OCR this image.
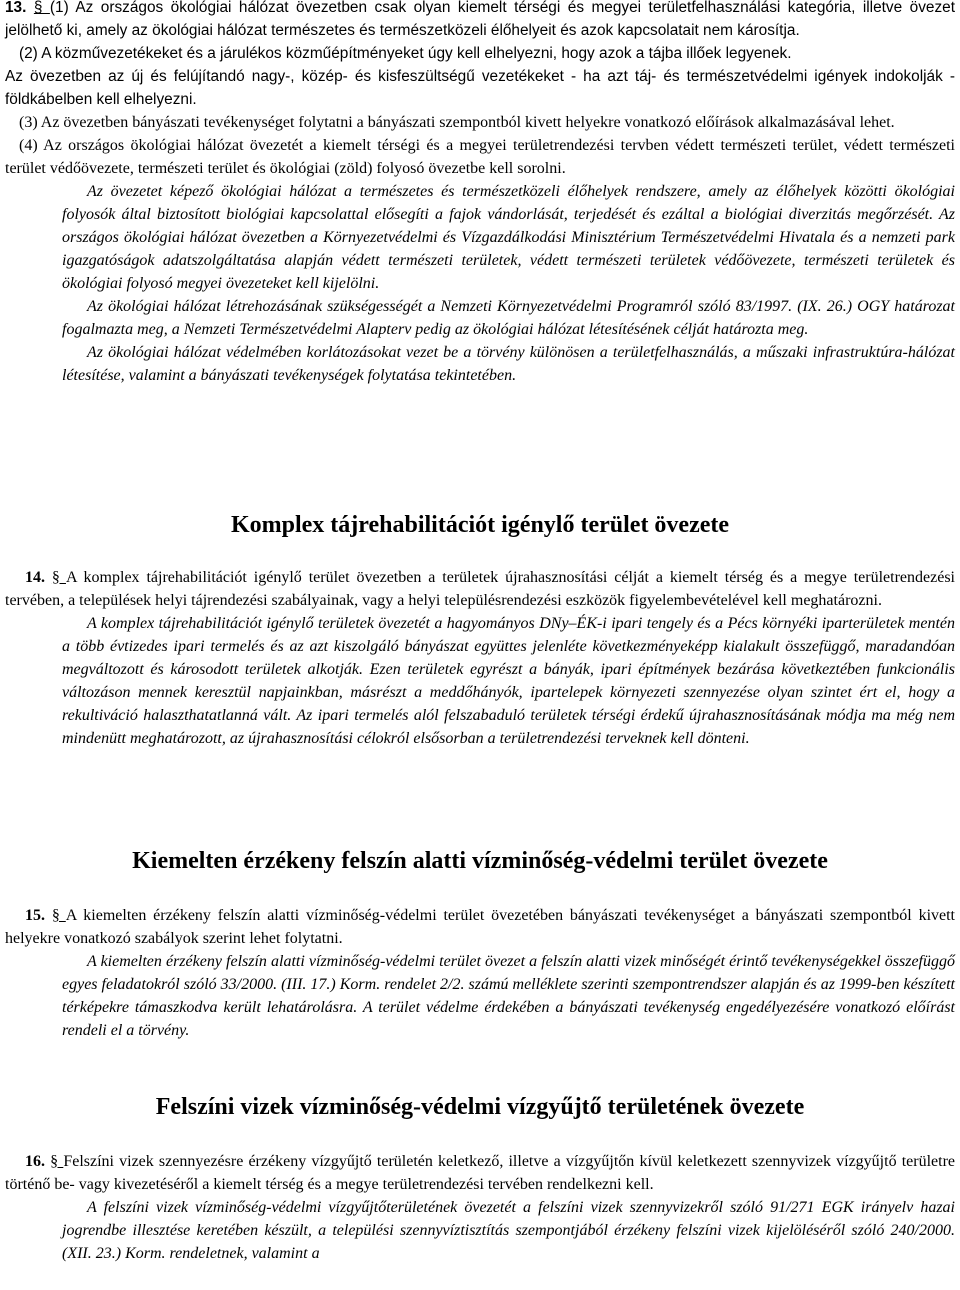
13. § (1) Az országos ökológiai hálózat övezetben csak olyan kiemelt térségi és megyei területfelhasználási kategória, illetve övezet jelölhető ki, amely az ökológiai hálózat természetes és természetközeli élőhelyeit és azok kapcsolatait nem károsítja.

(2) A közművezetékeket és a járulékos közműépítményeket úgy kell elhelyezni, hogy azok a tájba illőek legyenek.

Az övezetben az új és felújítandó nagy-, közép- és kisfeszültségű vezetékeket - ha azt táj- és természetvédelmi igények indokolják - földkábelben kell elhelyezni.

(3) Az övezetben bányászati tevékenységet folytatni a bányászati szempontból kivett helyekre vonatkozó előírások alkalmazásával lehet.

(4) Az országos ökológiai hálózat övezetét a kiemelt térségi és a megyei területrendezési tervben védett természeti terület, védett természeti terület védőövezete, természeti terület és ökológiai (zöld) folyosó övezetbe kell sorolni.

Az övezetet képező ökológiai hálózat a természetes és természetközeli élőhelyek rendszere, amely az élőhelyek közötti ökológiai folyosók által biztosított biológiai kapcsolattal elősegíti a fajok vándorlását, terjedését és ezáltal a biológiai diverzitás megőrzését. Az országos ökológiai hálózat övezetben a Környezetvédelmi és Vízgazdálkodási Minisztérium Természetvédelmi Hivatala és a nemzeti park igazgatóságok adatszolgáltatása alapján védett természeti területek, védett természeti területek védőövezete, természeti területek és ökológiai folyosó megyei övezeteket kell kijelölni.

Az ökológiai hálózat létrehozásának szükségességét a Nemzeti Környezetvédelmi Programról szóló 83/1997. (IX. 26.) OGY határozat fogalmazta meg, a Nemzeti Természetvédelmi Alapterv pedig az ökológiai hálózat létesítésének célját határozta meg.

Az ökológiai hálózat védelmében korlátozásokat vezet be a törvény különösen a területfelhasználás, a műszaki infrastruktúra-hálózat létesítése, valamint a bányászati tevékenységek folytatása tekintetében.

Komplex tájrehabilitációt igénylő terület övezete

14. § A komplex tájrehabilitációt igénylő terület övezetben a területek újrahasznosítási célját a kiemelt térség és a megye területrendezési tervében, a települések helyi tájrendezési szabályainak, vagy a helyi településrendezési eszközök figyelembevételével kell meghatározni.

A komplex tájrehabilitációt igénylő területek övezetét a hagyományos DNy–ÉK-i ipari tengely és a Pécs környéki iparterületek mentén a több évtizedes ipari termelés és az azt kiszolgáló bányászat együttes jelenléte következményeképp kialakult összefüggő, maradandóan megváltozott és károsodott területek alkotják. Ezen területek egyrészt a bányák, ipari építmények bezárása következtében funkcionális változáson mennek keresztül napjainkban, másrészt a meddőhányók, ipartelepek környezeti szennyezése olyan szintet ért el, hogy a rekultiváció halaszthatatlanná vált. Az ipari termelés alól felszabaduló területek térségi érdekű újrahasznosításának módja ma még nem mindenütt meghatározott, az újrahasznosítási célokról elsősorban a területrendezési terveknek kell dönteni.

Kiemelten érzékeny felszín alatti vízminőség-védelmi terület övezete

15. § A kiemelten érzékeny felszín alatti vízminőség-védelmi terület övezetében bányászati tevékenységet a bányászati szempontból kivett helyekre vonatkozó szabályok szerint lehet folytatni.

A kiemelten érzékeny felszín alatti vízminőség-védelmi terület övezet a felszín alatti vizek minőségét érintő tevékenységekkel összefüggő egyes feladatokról szóló 33/2000. (III. 17.) Korm. rendelet 2/2. számú melléklete szerinti szempontrendszer alapján és az 1999-ben készített térképekre támaszkodva került lehatárolásra. A terület védelme érdekében a bányászati tevékenység engedélyezésére vonatkozó előírást rendeli el a törvény.

Felszíni vizek vízminőség-védelmi vízgyűjtő területének övezete

16. § Felszíni vizek szennyezésre érzékeny vízgyűjtő területén keletkező, illetve a vízgyűjtőn kívül keletkezett szennyvizek vízgyűjtő területre történő be- vagy kivezetéséről a kiemelt térség és a megye területrendezési tervében rendelkezni kell.

A felszíni vizek vízminőség-védelmi vízgyűjtőterületének övezetét a felszíni vizek szennyvizekről szóló 91/271 EGK irányelv hazai jogrendbe illesztése keretében készült, a települési szennyvíztisztítás szempontjából érzékeny felszíni vizek kijelöléséről szóló 240/2000. (XII. 23.) Korm. rendeletnek, valamint a
